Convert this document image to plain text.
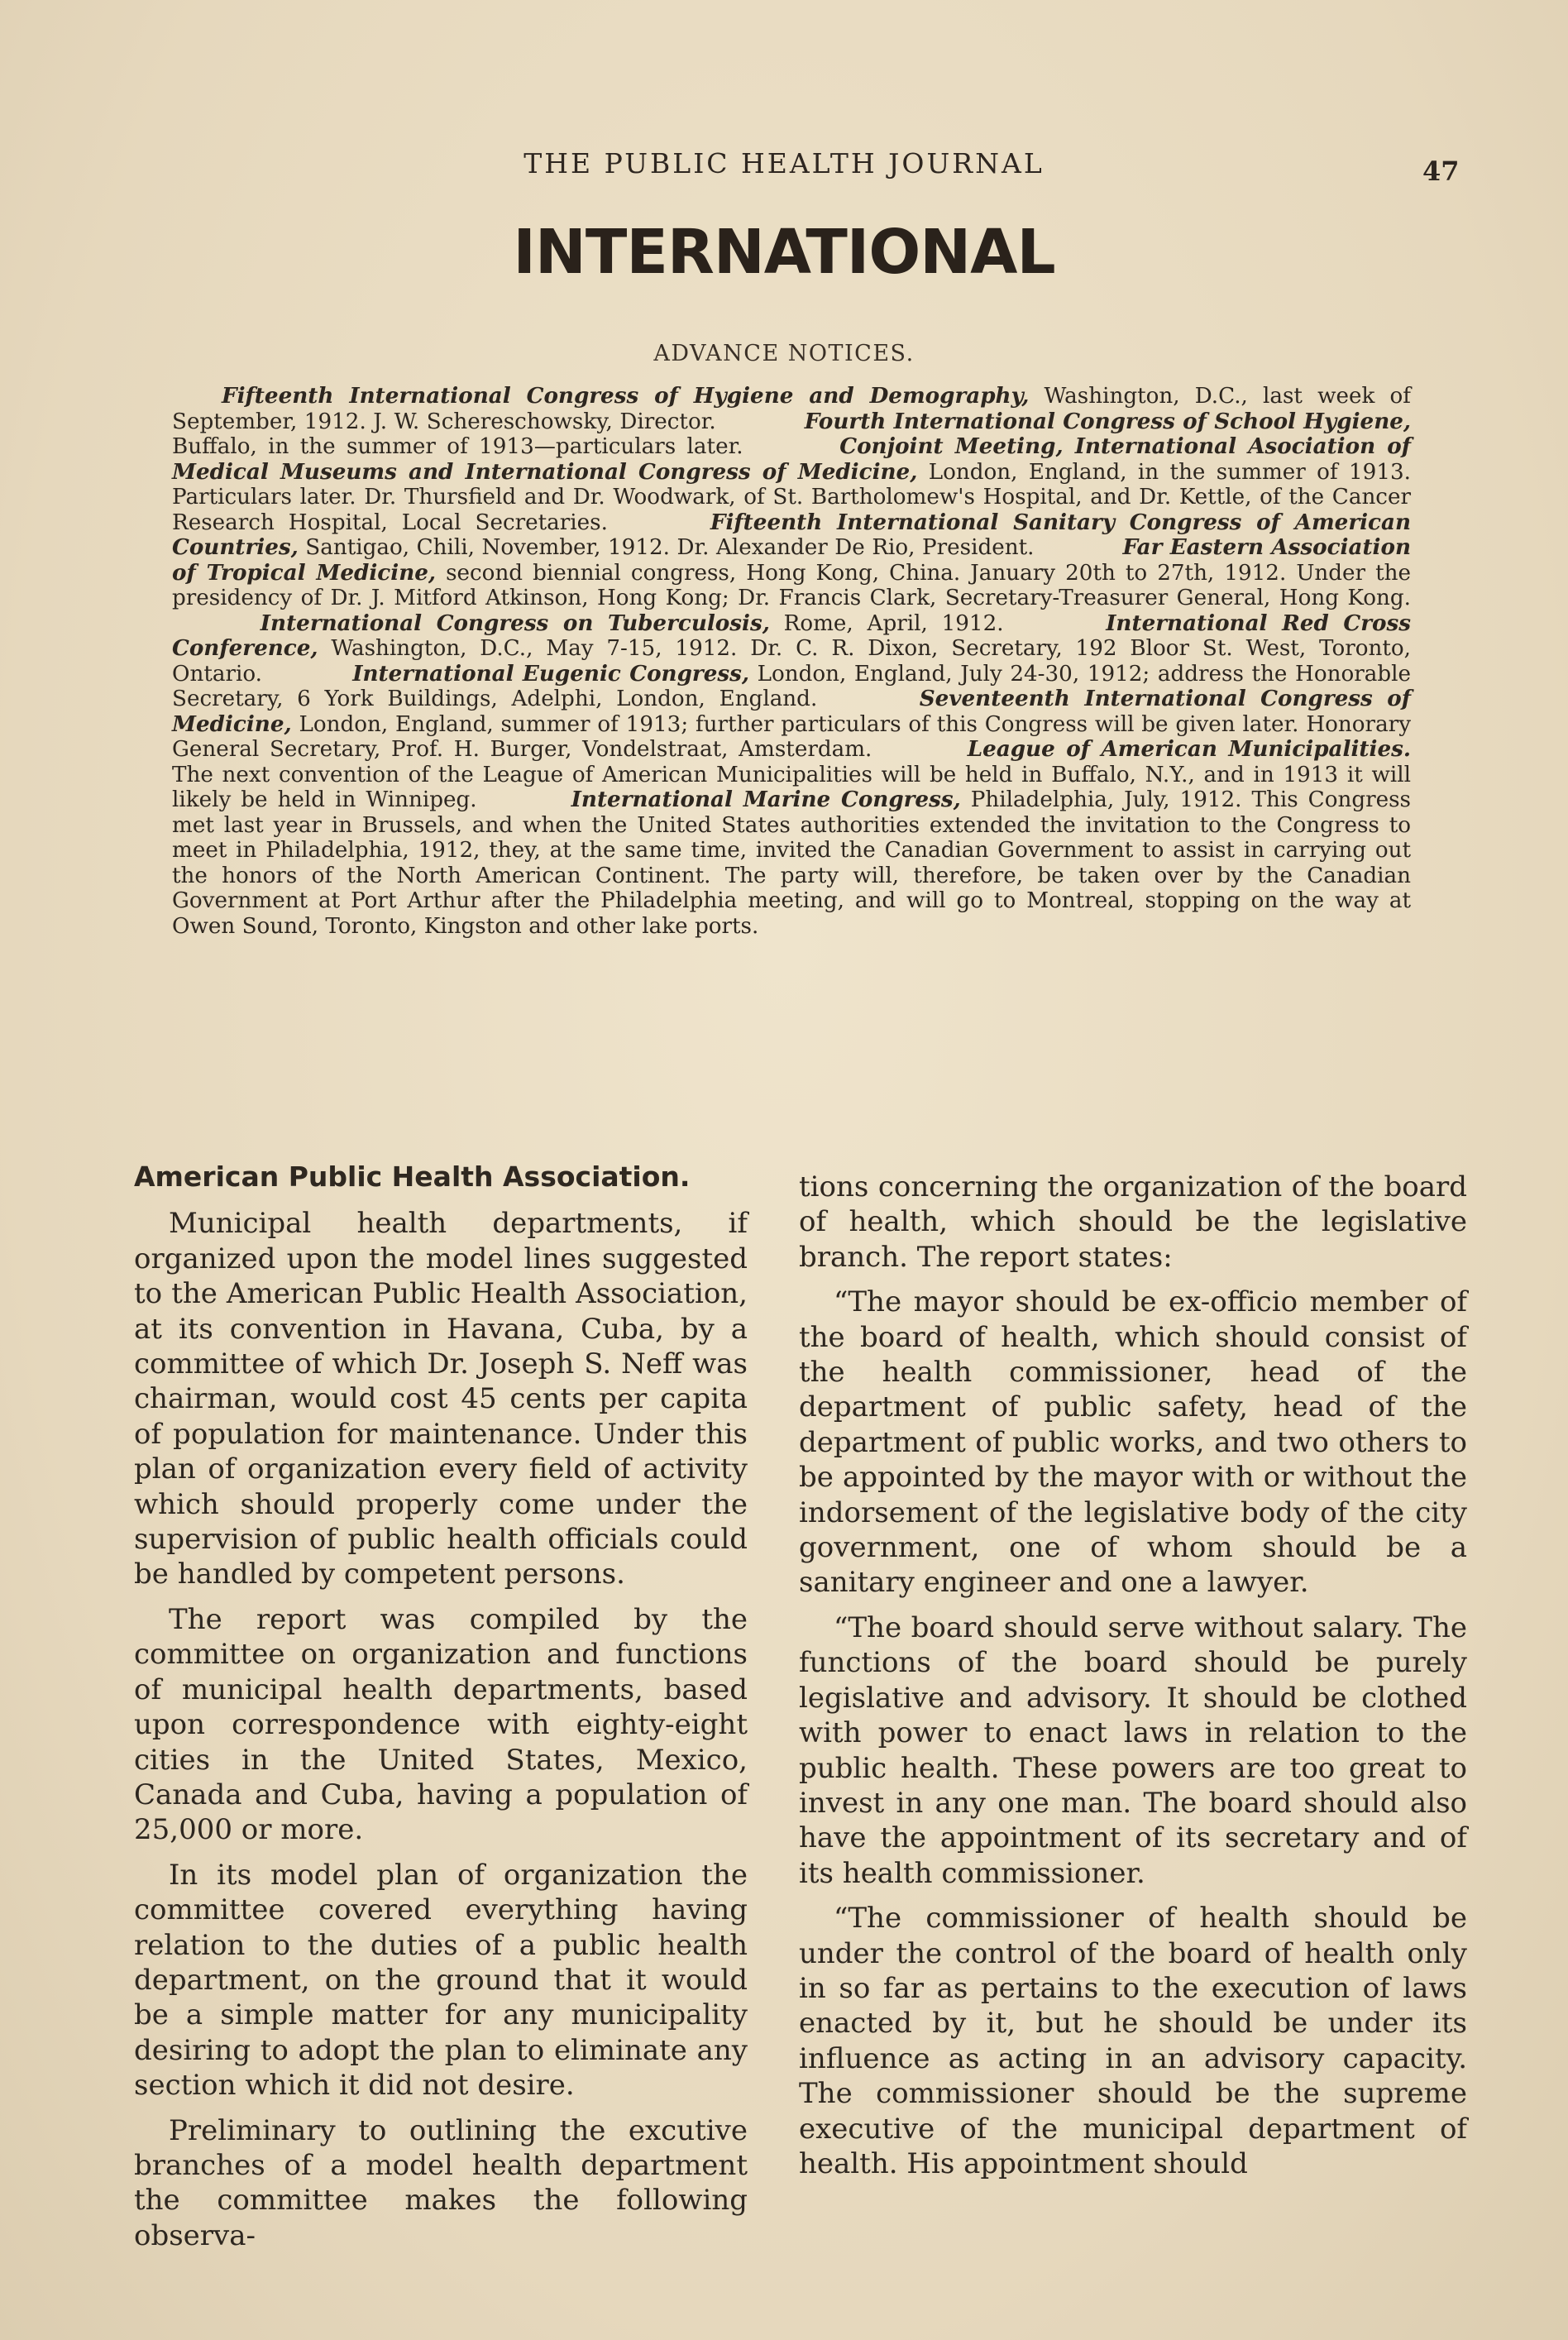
THE PUBLIC HEALTH JOURNAL	47
INTERNATIONAL
ADVANCE NOTICES.
Fifteenth International Congress of Hygiene and Demography, Washington, D.C., last week of September, 1912. J. W. Schereschowsky, Director.	Fourth International Congress of School Hygiene, Buffalo, in the summer of 1913—particulars later.	Conjoint Meeting, International Asociation of Medical Museums and International Congress of Medicine, London, England, in the summer of 1913. Particulars later. Dr. Thursfield and Dr. Woodwark, of St. Bartholomew's Hospital, and Dr. Kettle, of the Cancer Research Hospital, Local Secretaries.	Fifteenth International Sanitary Congress of American Countries, Santigao, Chili, November, 1912. Dr. Alexander De Rio, President.	Far Eastern Association of Tropical Medicine, second biennial congress, Hong Kong, China. January 20th to 27th, 1912. Under the presidency of Dr. J. Mitford Atkinson, Hong Kong; Dr. Francis Clark, Secretary-Treasurer General, Hong Kong.  International Congress on Tuberculosis, Rome, April, 1912.	International Red Cross Conference, Washington, D.C., May 7-15, 1912. Dr. C. R. Dixon, Secretary, 192 Bloor St. West, Toronto, Ontario.	International Eugenic Congress, London, England, July 24-30, 1912; address the Honorable Secretary, 6 York Buildings, Adelphi, London, England.	Seventeenth International Congress of Medicine, London, England, summer of 1913; further particulars of this Congress will be given later. Honorary General Secretary, Prof. H. Burger, Vondelstraat, Amsterdam.	League of American Municipalities. The next convention of the League of American Municipalities will be held in Buffalo, N.Y., and in 1913 it will likely be held in Winnipeg.	International Marine Congress, Philadelphia, July, 1912. This Congress met last year in Brussels, and when the United States authorities extended the invitation to the Congress to meet in Philadelphia, 1912, they, at the same time, invited the Canadian Government to assist in carrying out the honors of the North American Continent. The party will, therefore, be taken over by the Canadian Government at Port Arthur after the Philadelphia meeting, and will go to Montreal, stopping on the way at Owen Sound, Toronto, Kingston and other lake ports.
American Public Health Association.

Municipal health departments, if organized upon the model lines suggested to the American Public Health Association, at its convention in Havana, Cuba, by a committee of which Dr. Joseph S. Neff was chairman, would cost 45 cents per capita of population for maintenance. Under this plan of organization every field of activity which should properly come under the supervision of public health officials could be handled by competent persons.

The report was compiled by the committee on organization and functions of municipal health departments, based upon correspondence with eighty-eight cities in the United States, Mexico, Canada and Cuba, having a population of 25,000 or more.

In its model plan of organization the committee covered everything having relation to the duties of a public health department, on the ground that it would be a simple matter for any municipality desiring to adopt the plan to eliminate any section which it did not desire.

Preliminary to outlining the excutive branches of a model health department the committee makes the following observa-

tions concerning the organization of the board of health, which should be the legislative branch. The report states:

“The mayor should be ex-officio member of the board of health, which should consist of the health commissioner, head of the department of public safety, head of the department of public works, and two others to be appointed by the mayor with or without the indorsement of the legislative body of the city government, one of whom should be a sanitary engineer and one a lawyer.

“The board should serve without salary. The functions of the board should be purely legislative and advisory. It should be clothed with power to enact laws in relation to the public health. These powers are too great to invest in any one man. The board should also have the appointment of its secretary and of its health commissioner.

“The commissioner of health should be under the control of the board of health only in so far as pertains to the execution of laws enacted by it, but he should be under its influence as acting in an advisory capacity. The commissioner should be the supreme executive of the municipal department of health. His appointment should
